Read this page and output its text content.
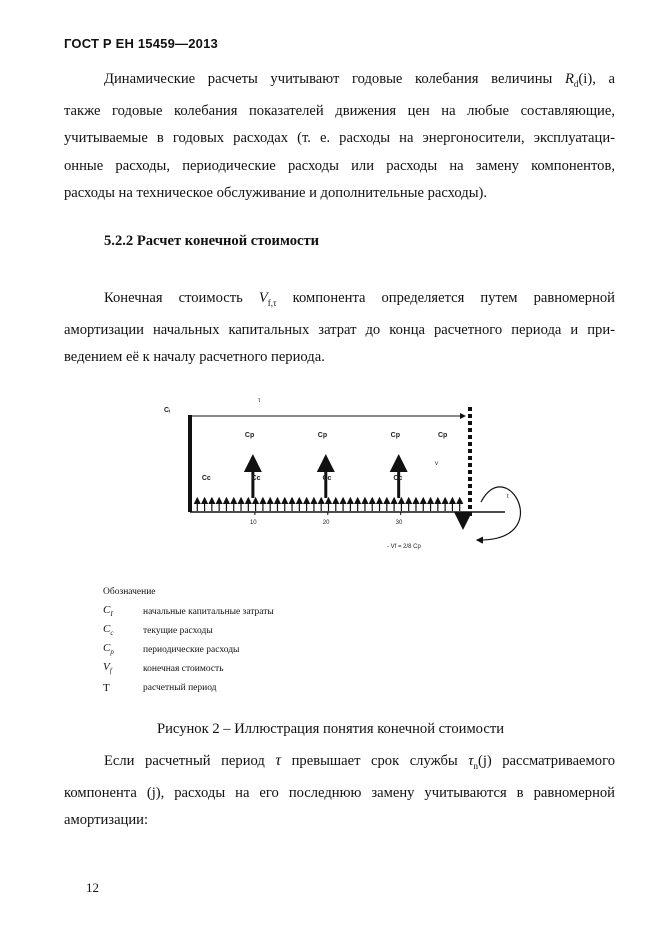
ГОСТ Р ЕН 15459—2013
Динамические расчеты учитывают годовые колебания величины $R_d(i)$, а
также годовые колебания показателей движения цен на любые составляющие,
учитываемые в годовых расходах (т. е. расходы на энергоносители, эксплуатаци-
онные расходы, периодические расходы или расходы на замену компонентов,
расходы на техническое обслуживание и дополнительные расходы).
5.2.2 Расчет конечной стоимости
Конечная стоимость $V_{f,\tau}$ компонента определяется путем равномерной
амортизации начальных капитальных затрат до конца расчетного периода и при-
ведением её к началу расчетного периода.
Cᵢ
τ
t
v
- Vf = 2/8 Cp
Cp
Cp	Cp	Cp
Cc	Cc	Cc	Cc
10	20	30
Обозначение
$C_I$	начальные капитальные затраты
$C_c$	текущие расходы
$C_p$	периодические расходы
$V_f$	конечная стоимость
T	расчетный период
Рисунок 2 – Иллюстрация понятия конечной стоимости
Если расчетный период τ превышает срок службы $\tau_n(j)$ рассматриваемого
компонента (j), расходы на его последнюю замену учитываются в равномерной
амортизации:
12
